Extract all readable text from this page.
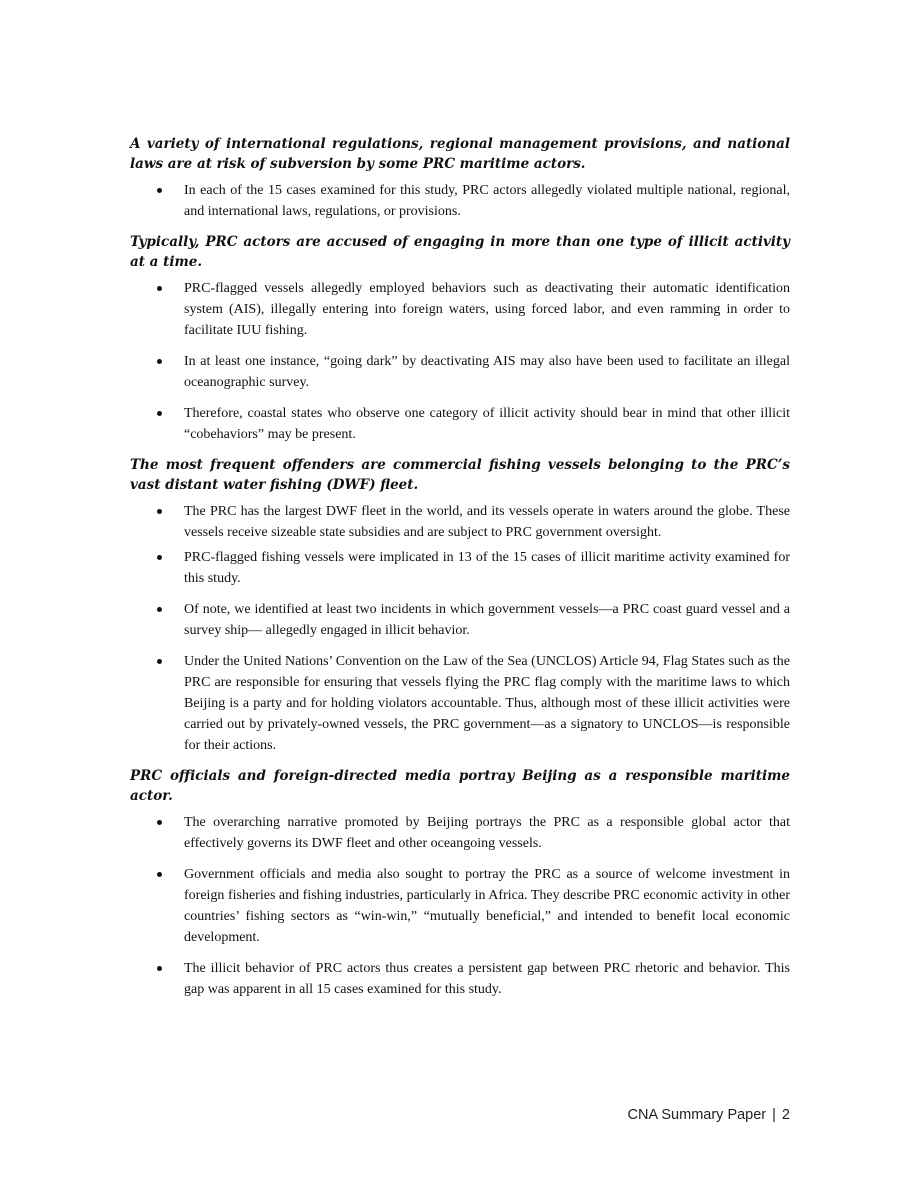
A variety of international regulations, regional management provisions, and national laws are at risk of subversion by some PRC maritime actors.

In each of the 15 cases examined for this study, PRC actors allegedly violated multiple national, regional, and international laws, regulations, or provisions.

Typically, PRC actors are accused of engaging in more than one type of illicit activity at a time.

PRC-flagged vessels allegedly employed behaviors such as deactivating their automatic identification system (AIS), illegally entering into foreign waters, using forced labor, and even ramming in order to facilitate IUU fishing.
In at least one instance, “going dark” by deactivating AIS may also have been used to facilitate an illegal oceanographic survey.
Therefore, coastal states who observe one category of illicit activity should bear in mind that other illicit “cobehaviors” may be present.

The most frequent offenders are commercial fishing vessels belonging to the PRC’s vast distant water fishing (DWF) fleet.

The PRC has the largest DWF fleet in the world, and its vessels operate in waters around the globe. These vessels receive sizeable state subsidies and are subject to PRC government oversight.
PRC-flagged fishing vessels were implicated in 13 of the 15 cases of illicit maritime activity examined for this study.
Of note, we identified at least two incidents in which government vessels—a PRC coast guard vessel and a survey ship— allegedly engaged in illicit behavior.
Under the United Nations’ Convention on the Law of the Sea (UNCLOS) Article 94, Flag States such as the PRC are responsible for ensuring that vessels flying the PRC flag comply with the maritime laws to which Beijing is a party and for holding violators accountable. Thus, although most of these illicit activities were carried out by privately-owned vessels, the PRC government—as a signatory to UNCLOS—is responsible for their actions.

PRC officials and foreign-directed media portray Beijing as a responsible maritime actor.

The overarching narrative promoted by Beijing portrays the PRC as a responsible global actor that effectively governs its DWF fleet and other oceangoing vessels.
Government officials and media also sought to portray the PRC as a source of welcome investment in foreign fisheries and fishing industries, particularly in Africa. They describe PRC economic activity in other countries’ fishing sectors as “win-win,” “mutually beneficial,” and intended to benefit local economic development.
The illicit behavior of PRC actors thus creates a persistent gap between PRC rhetoric and behavior. This gap was apparent in all 15 cases examined for this study.
CNA Summary Paper | 2
